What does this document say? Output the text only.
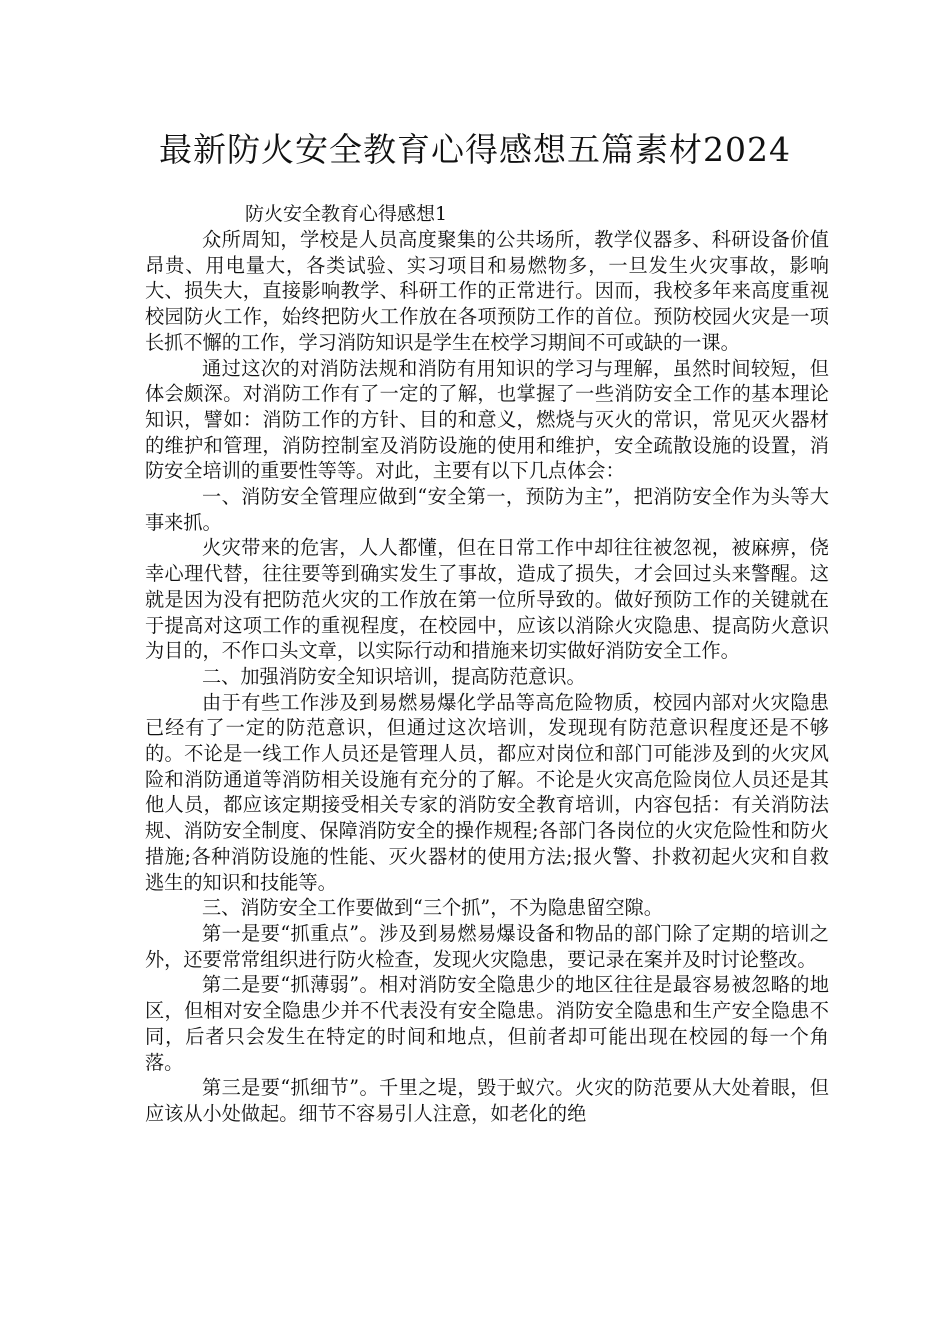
最新防火安全教育心得感想五篇素材2024
防火安全教育心得感想1

众所周知，学校是人员高度聚集的公共场所，教学仪器多、科研设备价值昂贵、用电量大，各类试验、实习项目和易燃物多，一旦发生火灾事故，影响大、损失大，直接影响教学、科研工作的正常进行。因而，我校多年来高度重视校园防火工作，始终把防火工作放在各项预防工作的首位。预防校园火灾是一项长抓不懈的工作，学习消防知识是学生在校学习期间不可或缺的一课。

通过这次的对消防法规和消防有用知识的学习与理解，虽然时间较短，但体会颇深。对消防工作有了一定的了解，也掌握了一些消防安全工作的基本理论知识，譬如：消防工作的方针、目的和意义，燃烧与灭火的常识，常见灭火器材的维护和管理，消防控制室及消防设施的使用和维护，安全疏散设施的设置，消防安全培训的重要性等等。对此，主要有以下几点体会：

一、消防安全管理应做到“安全第一，预防为主”，把消防安全作为头等大事来抓。

火灾带来的危害，人人都懂，但在日常工作中却往往被忽视，被麻痹，侥幸心理代替，往往要等到确实发生了事故，造成了损失，才会回过头来警醒。这就是因为没有把防范火灾的工作放在第一位所导致的。做好预防工作的关键就在于提高对这项工作的重视程度，在校园中，应该以消除火灾隐患、提高防火意识为目的，不作口头文章，以实际行动和措施来切实做好消防安全工作。

二、加强消防安全知识培训，提高防范意识。

由于有些工作涉及到易燃易爆化学品等高危险物质，校园内部对火灾隐患已经有了一定的防范意识，但通过这次培训，发现现有防范意识程度还是不够的。不论是一线工作人员还是管理人员，都应对岗位和部门可能涉及到的火灾风险和消防通道等消防相关设施有充分的了解。不论是火灾高危险岗位人员还是其他人员，都应该定期接受相关专家的消防安全教育培训，内容包括：有关消防法规、消防安全制度、保障消防安全的操作规程;各部门各岗位的火灾危险性和防火措施;各种消防设施的性能、灭火器材的使用方法;报火警、扑救初起火灾和自救逃生的知识和技能等。

三、消防安全工作要做到“三个抓”，不为隐患留空隙。

第一是要“抓重点”。涉及到易燃易爆设备和物品的部门除了定期的培训之外，还要常常组织进行防火检查，发现火灾隐患，要记录在案并及时讨论整改。

第二是要“抓薄弱”。相对消防安全隐患少的地区往往是最容易被忽略的地区，但相对安全隐患少并不代表没有安全隐患。消防安全隐患和生产安全隐患不同，后者只会发生在特定的时间和地点，但前者却可能出现在校园的每一个角落。

第三是要“抓细节”。千里之堤，毁于蚁穴。火灾的防范要从大处着眼，但应该从小处做起。细节不容易引人注意，如老化的绝
